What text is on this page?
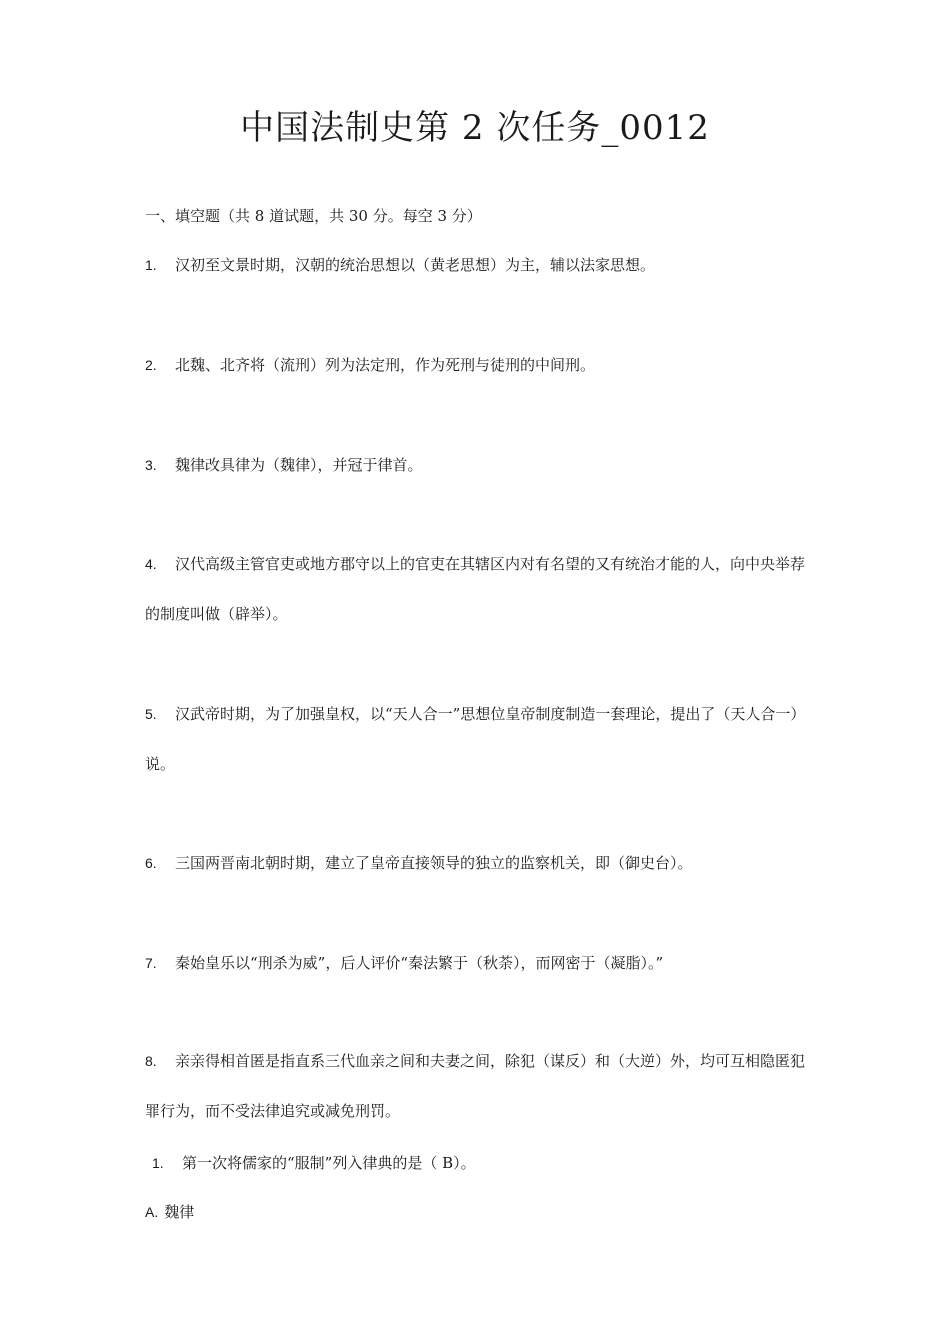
中国法制史第 2 次任务_0012

一、填空题（共 8 道试题，共 30 分。每空 3 分）

1. 汉初至文景时期，汉朝的统治思想以（黄老思想）为主，辅以法家思想。

2. 北魏、北齐将（流刑）列为法定刑，作为死刑与徒刑的中间刑。

3. 魏律改具律为（魏律），并冠于律首。

4. 汉代高级主管官吏或地方郡守以上的官吏在其辖区内对有名望的又有统治才能的人，向中央举荐的制度叫做（辟举）。

5. 汉武帝时期，为了加强皇权，以“天人合一”思想位皇帝制度制造一套理论，提出了（天人合一）说。

6. 三国两晋南北朝时期，建立了皇帝直接领导的独立的监察机关，即（御史台）。

7. 秦始皇乐以“刑杀为威”，后人评价“秦法繁于（秋荼），而网密于（凝脂）。”

8. 亲亲得相首匿是指直系三代血亲之间和夫妻之间，除犯（谋反）和（大逆）外，均可互相隐匿犯罪行为，而不受法律追究或减免刑罚。

1. 第一次将儒家的“服制”列入律典的是（ B）。

A. 魏律
